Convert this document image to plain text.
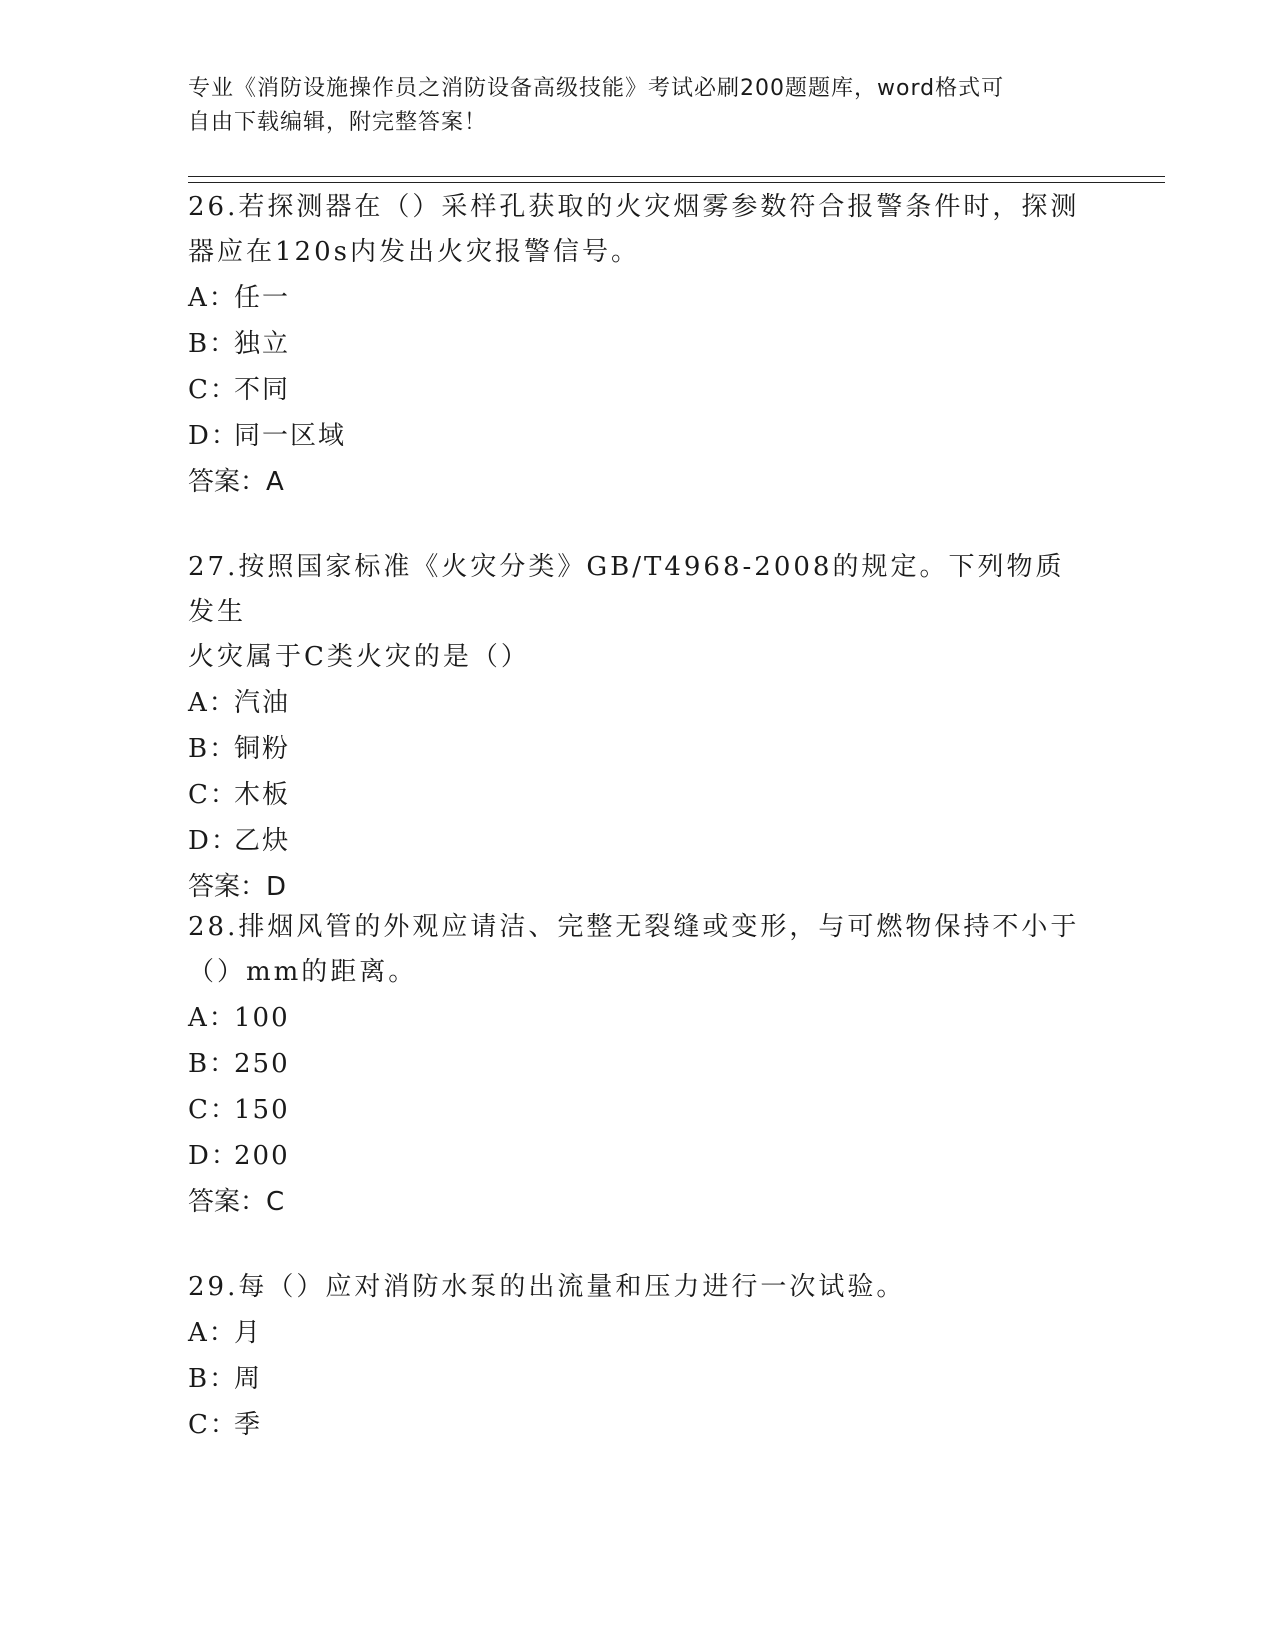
专业《消防设施操作员之消防设备高级技能》考试必刷200题题库，word格式可
自由下载编辑，附完整答案！

26.若探测器在（）采样孔获取的火灾烟雾参数符合报警条件时，探测

器应在120s内发出火灾报警信号。

A：任一

B：独立

C：不同

D：同一区域

答案：A

27.按照国家标准《火灾分类》GB/T4968-2008的规定。下列物质发生

火灾属于C类火灾的是（）

A：汽油

B：铜粉

C：木板

D：乙炔

答案：D

28.排烟风管的外观应请洁、完整无裂缝或变形，与可燃物保持不小于

（）mm的距离。

A：100

B：250

C：150

D：200

答案：C

29.每（）应对消防水泵的出流量和压力进行一次试验。

A：月

B：周

C：季
